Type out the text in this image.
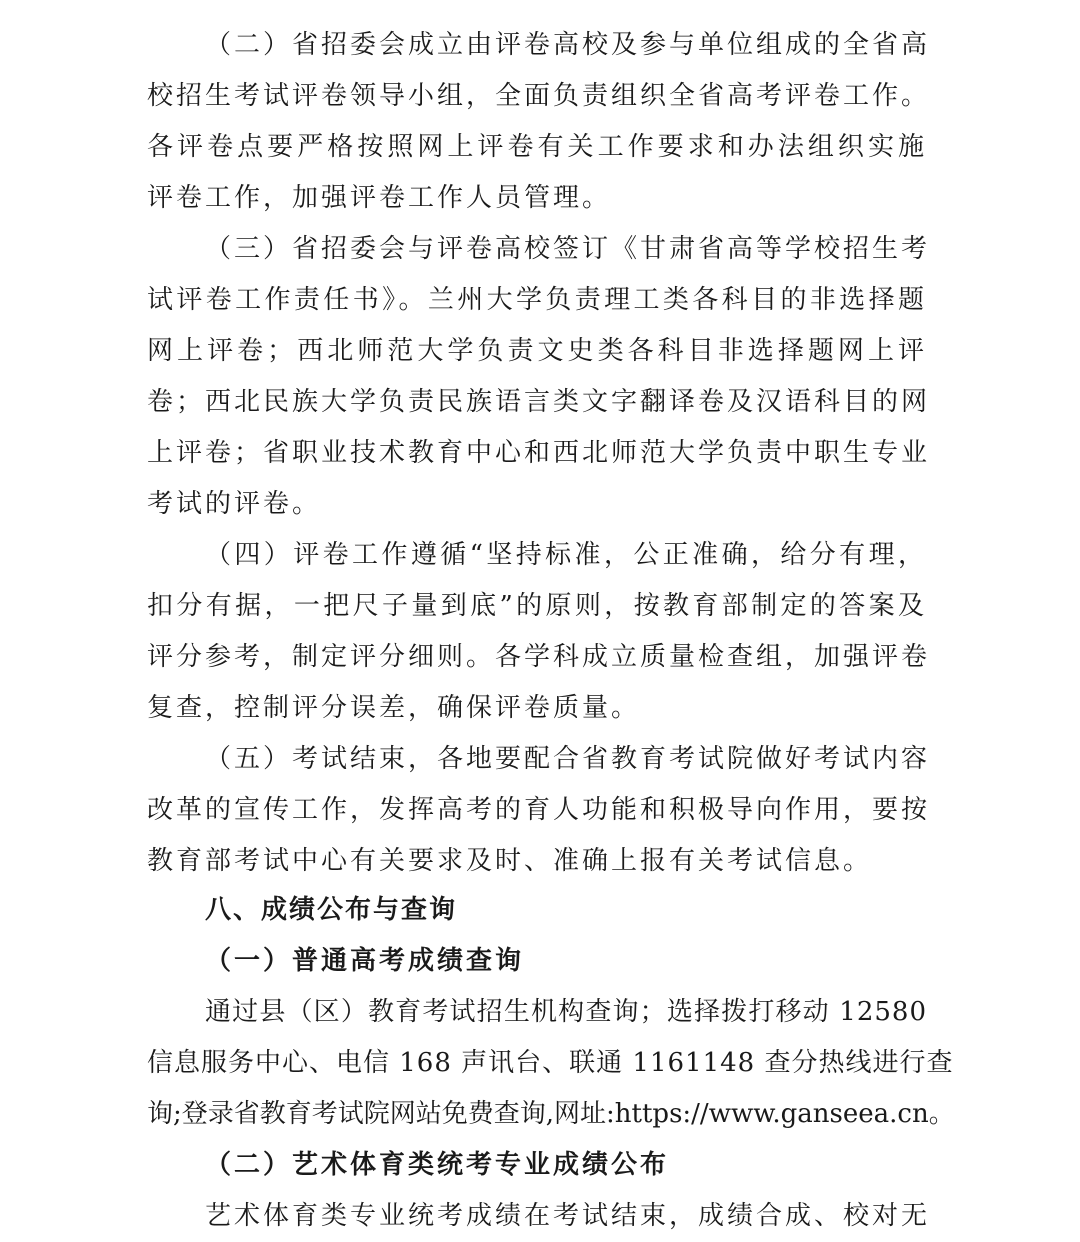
（二）省招委会成立由评卷高校及参与单位组成的全省高
校招生考试评卷领导小组，全面负责组织全省高考评卷工作。
各评卷点要严格按照网上评卷有关工作要求和办法组织实施
评卷工作，加强评卷工作人员管理。
（三）省招委会与评卷高校签订《甘肃省高等学校招生考
试评卷工作责任书》。兰州大学负责理工类各科目的非选择题
网上评卷；西北师范大学负责文史类各科目非选择题网上评
卷；西北民族大学负责民族语言类文字翻译卷及汉语科目的网
上评卷；省职业技术教育中心和西北师范大学负责中职生专业
考试的评卷。
（四）评卷工作遵循“坚持标准，公正准确，给分有理，
扣分有据，一把尺子量到底”的原则，按教育部制定的答案及
评分参考，制定评分细则。各学科成立质量检查组，加强评卷
复查，控制评分误差，确保评卷质量。
（五）考试结束，各地要配合省教育考试院做好考试内容
改革的宣传工作，发挥高考的育人功能和积极导向作用，要按
教育部考试中心有关要求及时、准确上报有关考试信息。
八、成绩公布与查询
（一）普通高考成绩查询
通过县（区）教育考试招生机构查询；选择拨打移动 12580
信息服务中心、电信 168 声讯台、联通 1161148 查分热线进行查
询;登录省教育考试院网站免费查询,网址:https://www.ganseea.cn。
（二）艺术体育类统考专业成绩公布
艺术体育类专业统考成绩在考试结束，成绩合成、校对无
